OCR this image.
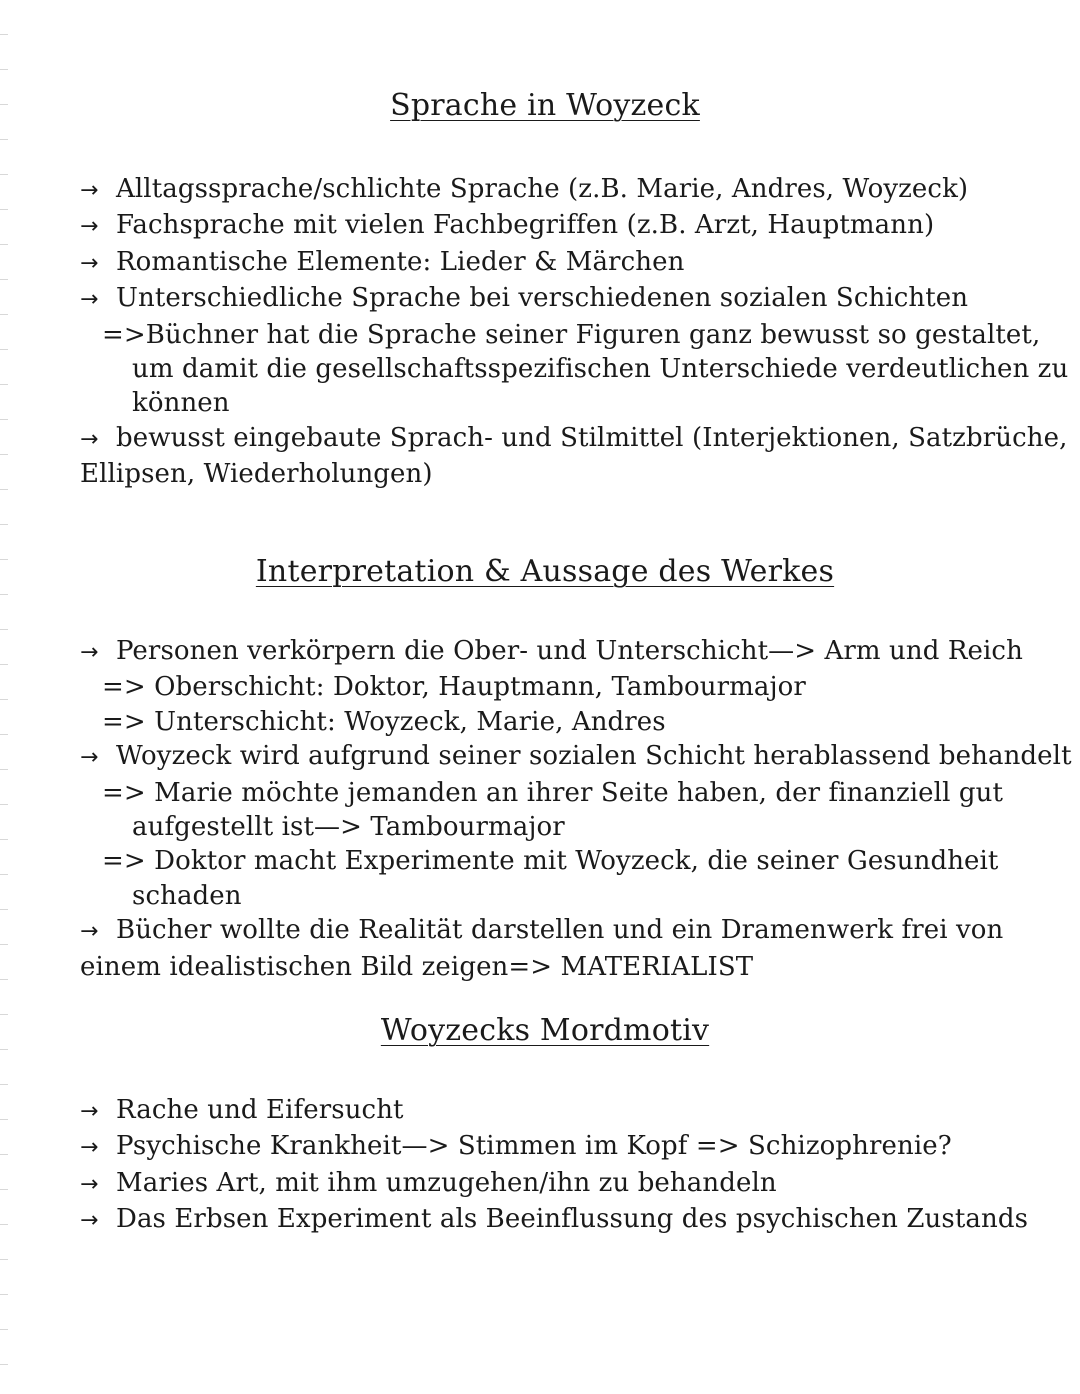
Sprache in Woyzeck
→ Alltagssprache/schlichte Sprache (z.B. Marie, Andres, Woyzeck)
→ Fachsprache mit vielen Fachbegriffen (z.B. Arzt, Hauptmann)
→ Romantische Elemente: Lieder & Märchen
→ Unterschiedliche Sprache bei verschiedenen sozialen Schichten
=>Büchner hat die Sprache seiner Figuren ganz bewusst so gestaltet,
um damit die gesellschaftsspezifischen Unterschiede verdeutlichen zu
können
→ bewusst eingebaute Sprach- und Stilmittel (Interjektionen, Satzbrüche,
Ellipsen, Wiederholungen)
Interpretation & Aussage des Werkes
→ Personen verkörpern die Ober- und Unterschicht—> Arm und Reich
=> Oberschicht: Doktor, Hauptmann, Tambourmajor
=> Unterschicht: Woyzeck, Marie, Andres
→ Woyzeck wird aufgrund seiner sozialen Schicht herablassend behandelt
=> Marie möchte jemanden an ihrer Seite haben, der finanziell gut
aufgestellt ist—> Tambourmajor
=> Doktor macht Experimente mit Woyzeck, die seiner Gesundheit
schaden
→ Bücher wollte die Realität darstellen und ein Dramenwerk frei von
einem idealistischen Bild zeigen=> MATERIALIST
Woyzecks Mordmotiv
→ Rache und Eifersucht
→ Psychische Krankheit—> Stimmen im Kopf => Schizophrenie?
→ Maries Art, mit ihm umzugehen/ihn zu behandeln
→ Das Erbsen Experiment als Beeinflussung des psychischen Zustands
